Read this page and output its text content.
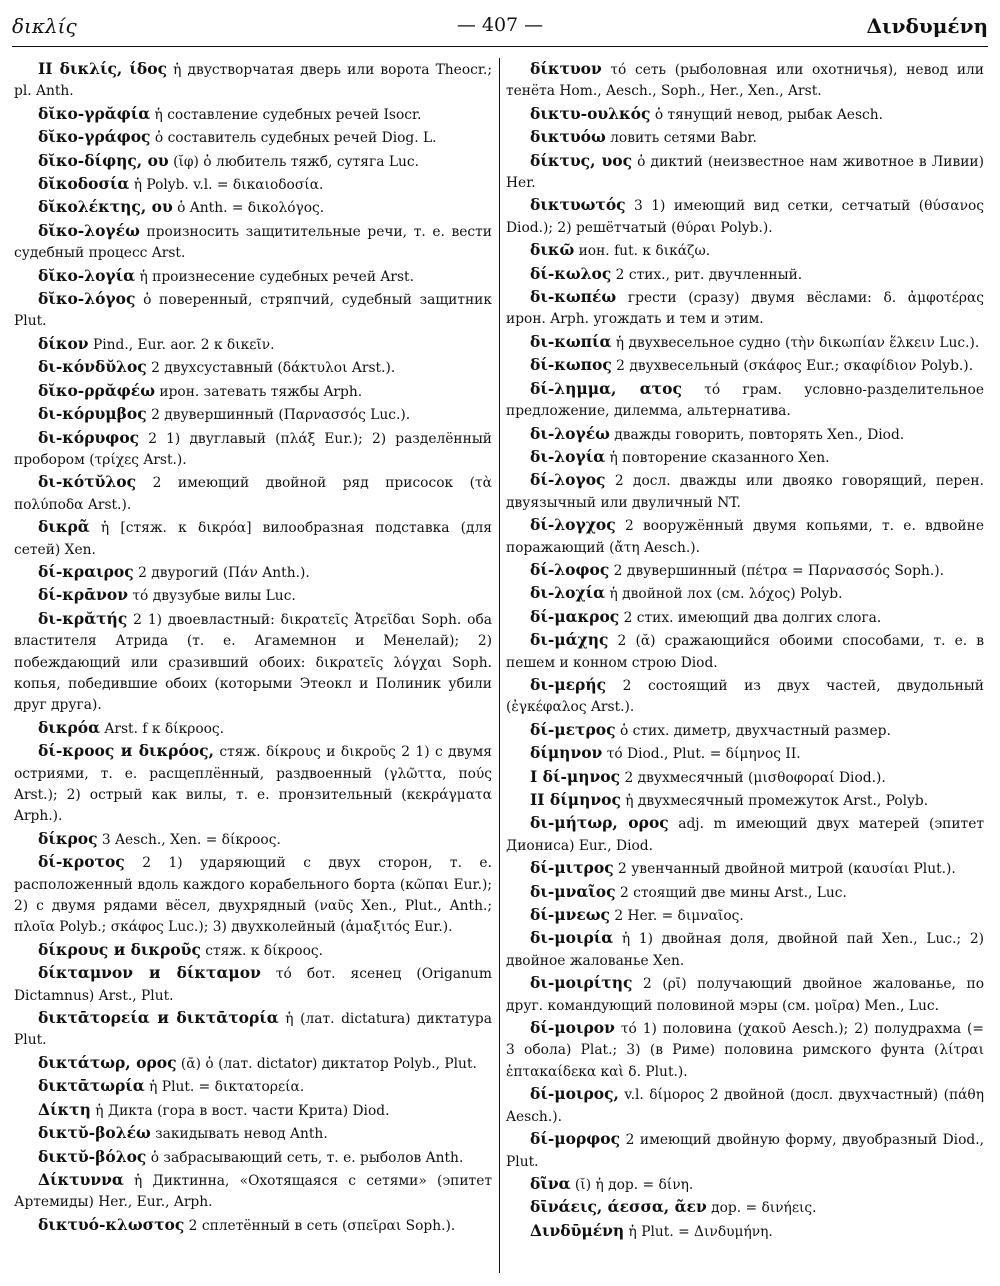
δικλίς	— 407 —	Δινδυμένη
II δικλίς, ίδος ἡ двустворчатая дверь или ворота Theocr.; pl. Anth.
δῐκο-γρᾰφία ἡ составление судебных речей Isocr.
δῐκο-γράφος ὁ составитель судебных речей Diog. L.
δῐκο-δίφης, ου (ῐφ) ὁ любитель тяжб, сутяга Luc.
δῐκοδοσία ἡ Polyb. v.l. = δικαιοδοσία.
δῐκολέκτης, ου ὁ Anth. = δικολόγος.
δῐκο-λογέω произносить защитительные речи, т. е. вести судебный процесс Arst.
δῐκο-λογία ἡ произнесение судебных речей Arst.
δῐκο-λόγος ὁ поверенный, стряпчий, судебный защитник Plut.
δίκον Pind., Eur. aor. 2 к δικεῖν.
δι-κόνδῠλος 2 двухсуставный (δάκτυλοι Arst.).
δῐκο-ρρᾰφέω ирон. затевать тяжбы Arph.
δι-κόρυμβος 2 двувершинный (Παρνασσός Luc.).
δι-κόρυφος 2 1) двуглавый (πλάξ Eur.); 2) разделённый пробором (τρίχες Arst.).
δι-κότῠλος 2 имеющий двойной ряд присосок (τὰ πολύποδα Arst.).
δικρᾶ ἡ [стяж. к δικρόα] вилообразная подставка (для сетей) Xen.
δί-κραιρος 2 двурогий (Πάν Anth.).
δί-κρᾱνον τό двузубые вилы Luc.
δι-κρᾰτής 2 1) двоевластный: δικρατεῖς Ἀτρεῖδαι Soph. оба властителя Атрида (т. е. Агамемнон и Менелай); 2) побеждающий или сразивший обоих: δικρατεῖς λόγχαι Soph. копья, победившие обоих (которыми Этеокл и Полиник убили друг друга).
δικρόα Arst. f к δίκροος.
δί-κροος и δικρόος, стяж. δίκρους и δικροῦς 2 1) с двумя остриями, т. е. расщеплённый, раздвоенный (γλῶττα, πούς Arst.); 2) острый как вилы, т. е. пронзительный (κεκράγματα Arph.).
δίκρος 3 Aesch., Xen. = δίκροος.
δί-κροτος 2 1) ударяющий с двух сторон, т. е. расположенный вдоль каждого корабельного борта (κῶπαι Eur.); 2) с двумя рядами вёсел, двухрядный (ναῦς Xen., Plut., Anth.; πλοῖα Polyb.; σκάφος Luc.); 3) двухколейный (ἁμαξιτός Eur.).
δίκρους и δικροῦς стяж. к δίκροος.
δίκταμνον и δίκταμον τό бот. ясенец (Origanum Dictamnus) Arst., Plut.
δικτᾱτορεία и δικτᾱτορία ἡ (лат. dictatura) диктатура Plut.
δικτάτωρ, ορος (ᾱ) ὁ (лат. dictator) диктатор Polyb., Plut.
δικτᾱτωρία ἡ Plut. = δικτατορεία.
Δίκτη ἡ Дикта (гора в вост. части Крита) Diod.
δικτῠ-βολέω закидывать невод Anth.
δικτῠ-βόλος ὁ забрасывающий сеть, т. е. рыболов Anth.
Δίκτυννα ἡ Диктинна, «Охотящаяся с сетями» (эпитет Артемиды) Her., Eur., Arph.
δικτυό-κλωστος 2 сплетённый в сеть (σπεῖραι Soph.).
δίκτυον τό сеть (рыболовная или охотничья), невод или тенёта Hom., Aesch., Soph., Her., Xen., Arst.
δικτυ-ουλκός ὁ тянущий невод, рыбак Aesch.
δικτυόω ловить сетями Babr.
δίκτυς, υος ὁ диктий (неизвестное нам животное в Ливии) Her.
δικτυωτός 3 1) имеющий вид сетки, сетчатый (θύσανος Diod.); 2) решётчатый (θύραι Polyb.).
δικῶ ион. fut. к δικάζω.
δί-κωλος 2 стих., рит. двучленный.
δι-κωπέω грести (сразу) двумя вёслами: δ. ἀμφοτέρας ирон. Arph. угождать и тем и этим.
δι-κωπία ἡ двухвесельное судно (τὴν δικωπίαν ἕλκειν Luc.).
δί-κωπος 2 двухвесельный (σκάφος Eur.; σκαφίδιον Polyb.).
δί-λημμα, ατος τό грам. условно-разделительное предложение, дилемма, альтернатива.
δι-λογέω дважды говорить, повторять Xen., Diod.
δι-λογία ἡ повторение сказанного Xen.
δί-λογος 2 досл. дважды или двояко говорящий, перен. двуязычный или двуличный NT.
δί-λογχος 2 вооружённый двумя копьями, т. е. вдвойне поражающий (ἄτη Aesch.).
δί-λοφος 2 двувершинный (πέτρα = Παρνασσός Soph.).
δι-λοχία ἡ двойной лох (см. λόχος) Polyb.
δί-μακρος 2 стих. имеющий два долгих слога.
δι-μάχης 2 (ᾰ) сражающийся обоими способами, т. е. в пешем и конном строю Diod.
δι-μερής 2 состоящий из двух частей, двудольный (ἐγκέφαλος Arst.).
δί-μετρος ὁ стих. диметр, двухчастный размер.
δίμηνον τό Diod., Plut. = δίμηνος II.
I δί-μηνος 2 двухмесячный (μισθοφοραί Diod.).
II δίμηνος ἡ двухмесячный промежуток Arst., Polyb.
δι-μήτωρ, ορος adj. m имеющий двух матерей (эпитет Диониса) Eur., Diod.
δί-μιτρος 2 увенчанный двойной митрой (καυσίαι Plut.).
δι-μναῖος 2 стоящий две мины Arst., Luc.
δί-μνεως 2 Her. = διμναῖος.
δι-μοιρία ἡ 1) двойная доля, двойной пай Xen., Luc.; 2) двойное жалованье Xen.
δι-μοιρίτης 2 (ρῑ) получающий двойное жалованье, по друг. командующий половиной мэры (см. μοῖρα) Men., Luc.
δί-μοιρον τό 1) половина (χακοῦ Aesch.); 2) полудрахма (= 3 обола) Plat.; 3) (в Риме) половина римского фунта (λίτραι ἑπτακαίδεκα καὶ δ. Plut.).
δί-μοιρος, v.l. δίμορος 2 двойной (досл. двухчастный) (πάθη Aesch.).
δί-μορφος 2 имеющий двойную форму, двуобразный Diod., Plut.
δῖνα (ῐ) ἡ дор. = δίνη.
δῑνάεις, άεσσα, ᾶεν дор. = δινήεις.
Δινδῡμένη ἡ Plut. = Δινδυμήνη.
